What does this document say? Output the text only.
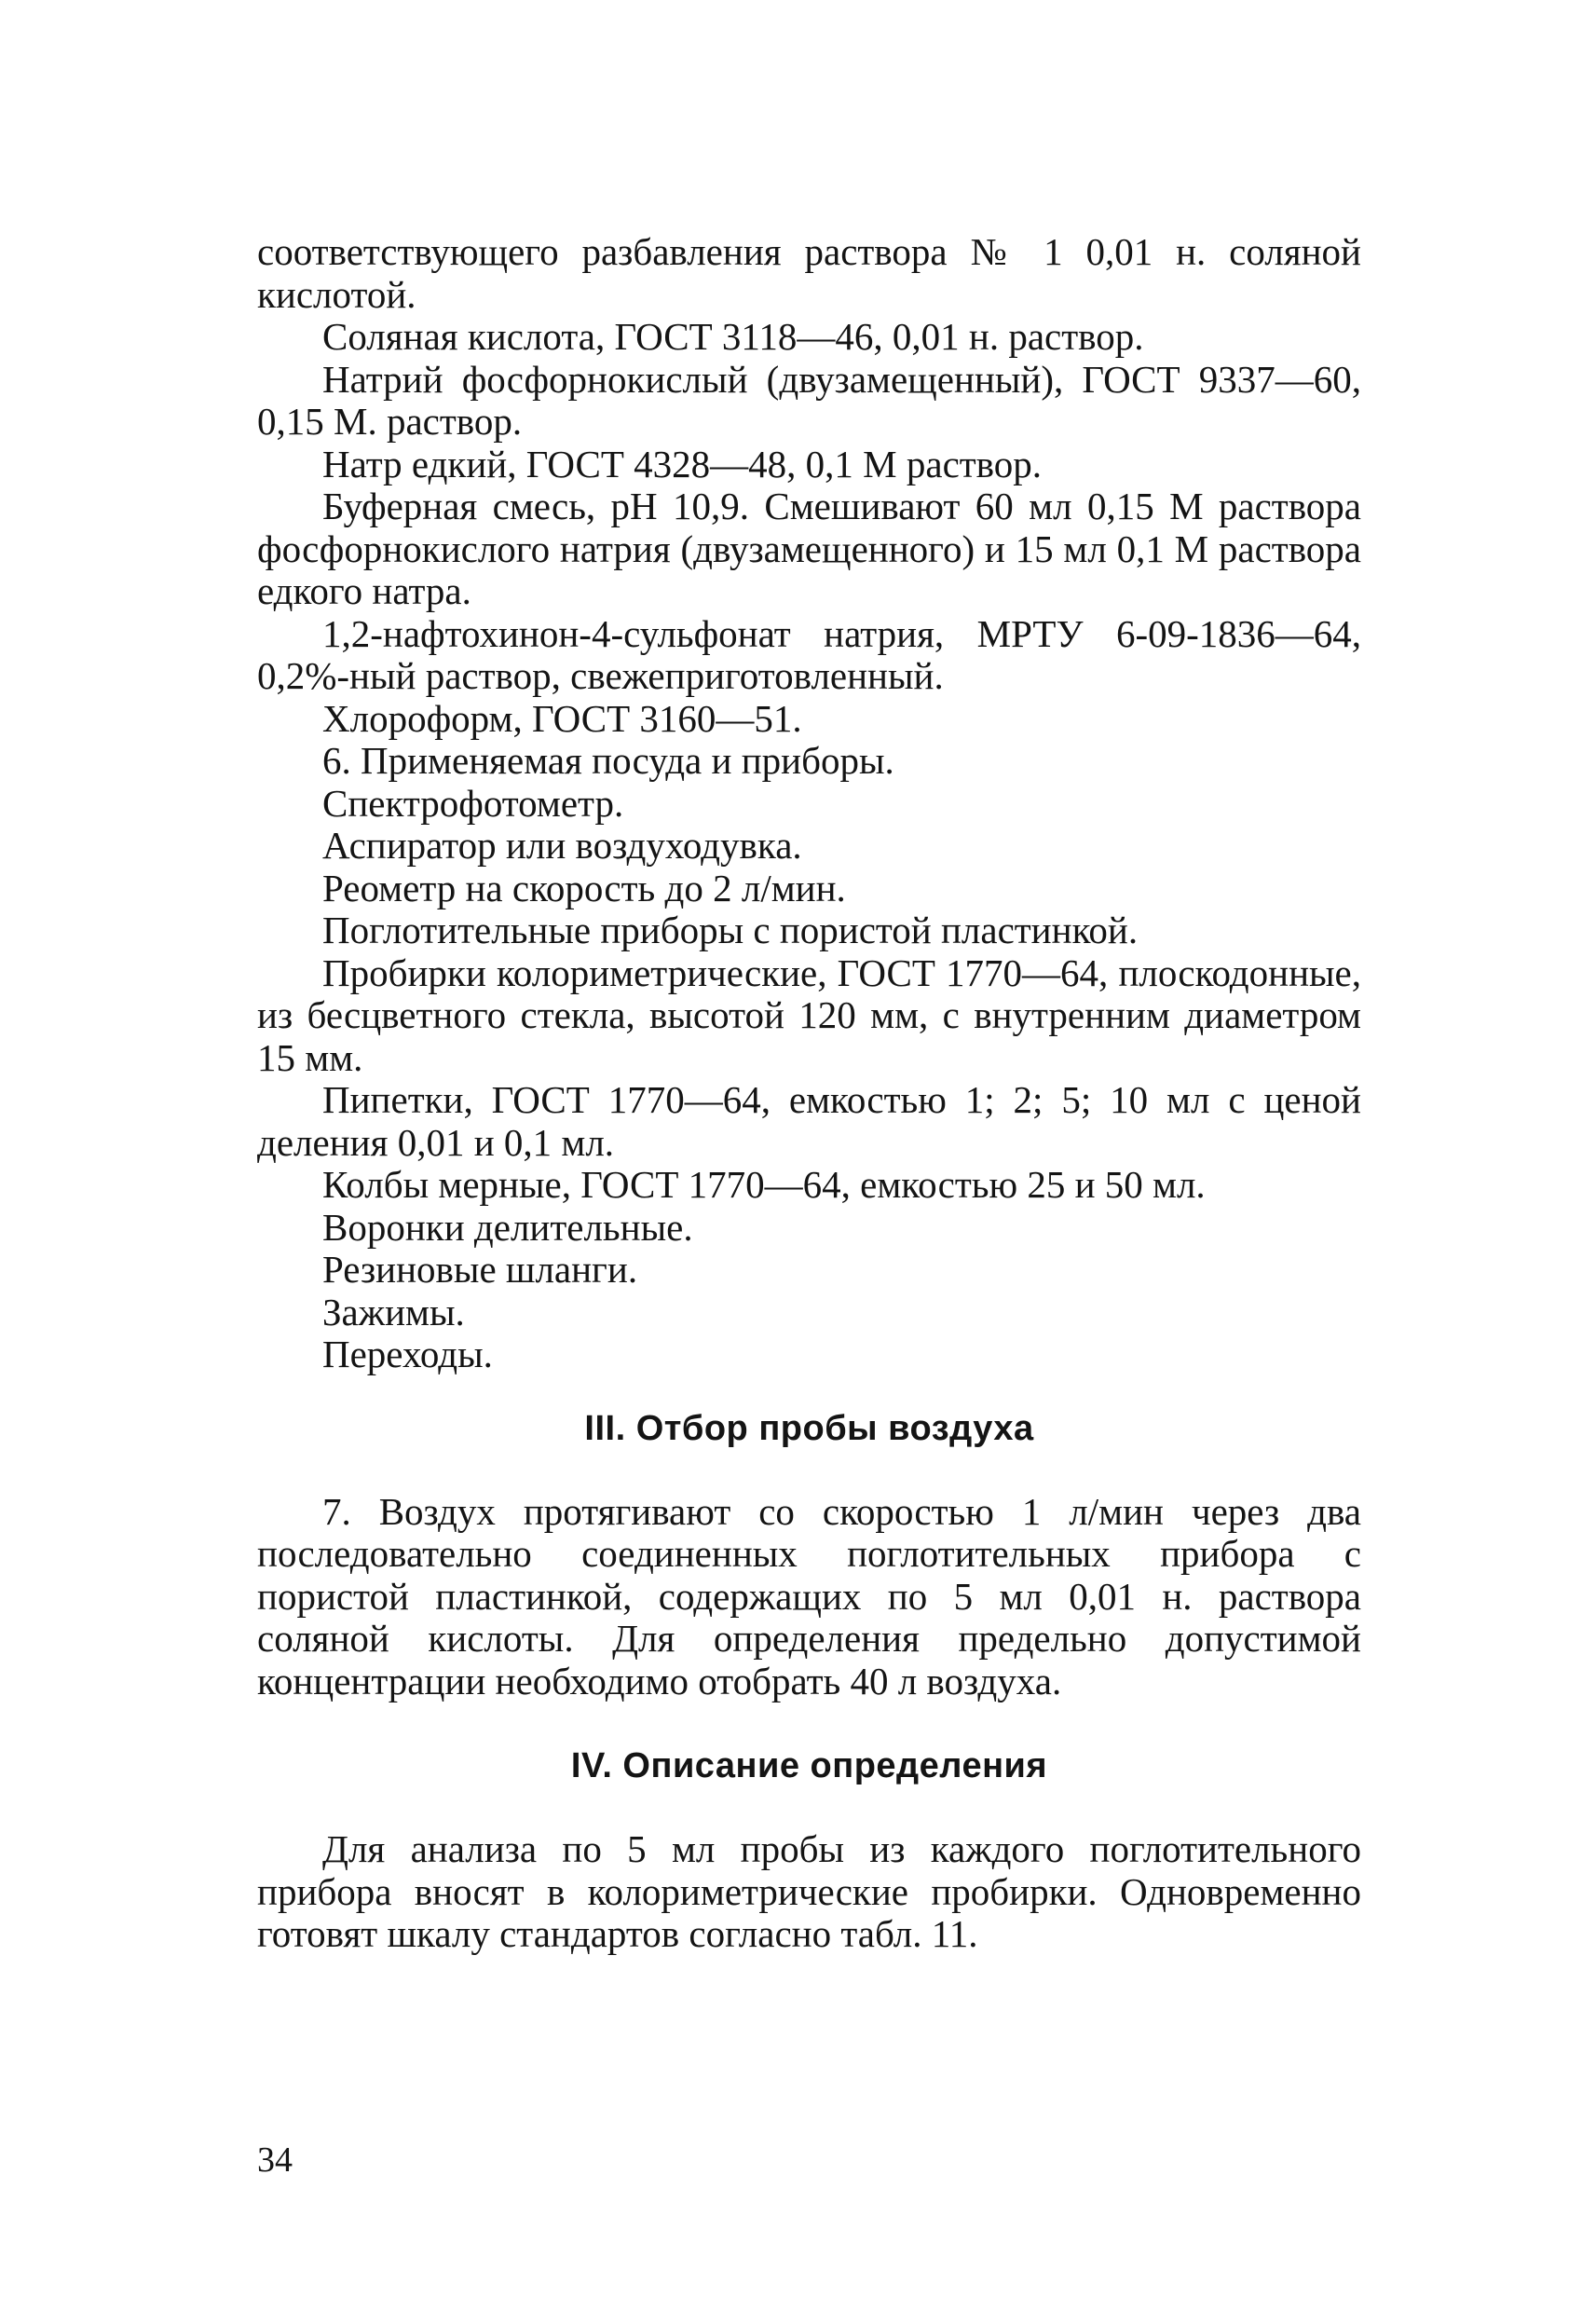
соответствующего разбавления раствора № 1 0,01 н. соляной кислотой.

Соляная кислота, ГОСТ 3118—46, 0,01 н. раствор.

Натрий фосфорнокислый (двузамещенный), ГОСТ 9337—60, 0,15 М. раствор.

Натр едкий, ГОСТ 4328—48, 0,1 М раствор.

Буферная смесь, pH 10,9. Смешивают 60 мл 0,15 М раствора фосфорнокислого натрия (двузамещенного) и 15 мл 0,1 М раствора едкого натра.

1,2-нафтохинон-4-сульфонат натрия, МРТУ 6-09-1836—64, 0,2%-ный раствор, свежеприготовленный.

Хлороформ, ГОСТ 3160—51.

6. Применяемая посуда и приборы.

Спектрофотометр.

Аспиратор или воздуходувка.

Реометр на скорость до 2 л/мин.

Поглотительные приборы с пористой пластинкой.

Пробирки колориметрические, ГОСТ 1770—64, плоскодонные, из бесцветного стекла, высотой 120 мм, с внутренним диаметром 15 мм.

Пипетки, ГОСТ 1770—64, емкостью 1; 2; 5; 10 мл с ценой деления 0,01 и 0,1 мл.

Колбы мерные, ГОСТ 1770—64, емкостью 25 и 50 мл.

Воронки делительные.

Резиновые шланги.

Зажимы.

Переходы.

III. Отбор пробы воздуха

7. Воздух протягивают со скоростью 1 л/мин через два последовательно соединенных поглотительных прибора с пористой пластинкой, содержащих по 5 мл 0,01 н. раствора соляной кислоты. Для определения предельно допустимой концентрации необходимо отобрать 40 л воздуха.

IV. Описание определения

Для анализа по 5 мл пробы из каждого поглотительного прибора вносят в колориметрические пробирки. Одновременно готовят шкалу стандартов согласно табл. 11.

34
